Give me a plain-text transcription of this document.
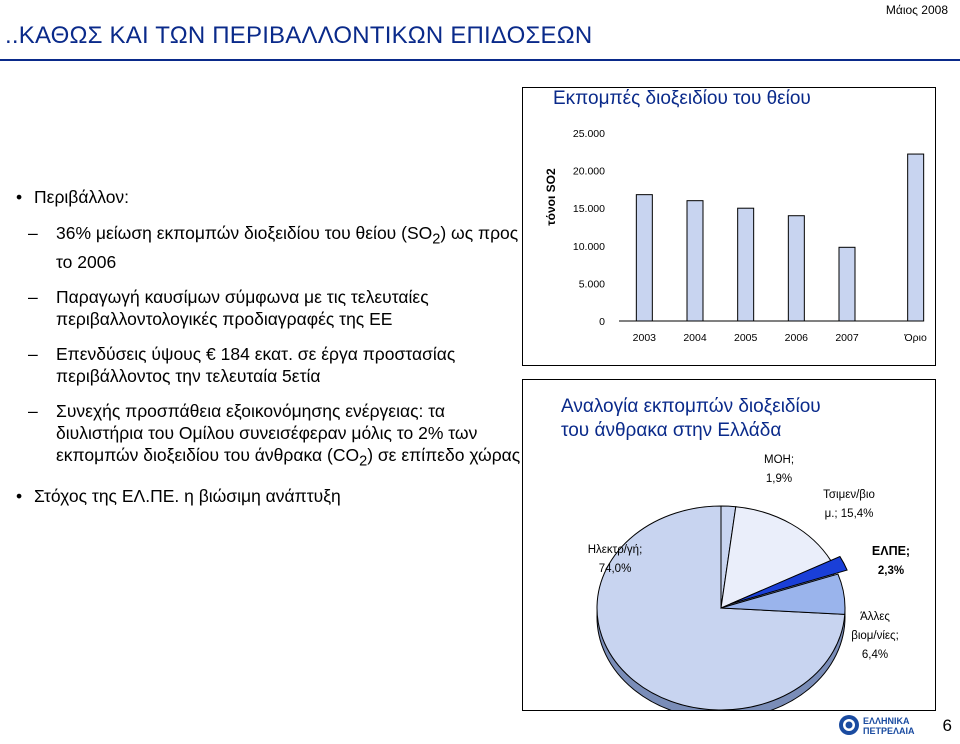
Μάιος 2008
..ΚΑΘΩΣ ΚΑΙ ΤΩΝ ΠΕΡΙΒΑΛΛΟΝΤΙΚΩΝ ΕΠΙΔΟΣΕΩΝ
• Περιβάλλον:
– 36% μείωση εκπομπών διοξειδίου του θείου $(SO_2)$ ως προς το 2006
– Παραγωγή καυσίμων σύμφωνα με τις τελευταίες περιβαλλοντολογικές προδιαγραφές της ΕΕ
– Επενδύσεις ύψους € 184 εκατ. σε έργα προστασίας περιβάλλοντος την τελευταία 5ετία
– Συνεχής προσπάθεια εξοικονόμησης ενέργειας: τα διυλιστήρια του Ομίλου συνεισέφεραν μόλις το 2% των εκπομπών διοξειδίου του άνθρακα $(CO_2)$ σε επίπεδο χώρας
• Στόχος της ΕΛ.ΠΕ. η βιώσιμη ανάπτυξη
Εκπομπές διοξειδίου του θείου
τόνοι SO2
0
5.000
10.000
15.000
20.000
25.000
2003	2004	2005	2006	2007	Όριο
Αναλογία εκπομπών διοξειδίου
του άνθρακα στην Ελλάδα
Ηλεκτρ/γή;
74,0%
ΜΟΗ;
1,9%
Τσιμεν/βιο
μ.; 15,4%
ΕΛΠΕ;
2,3%
Άλλες
βιομ/νίες;
6,4%
ΕΛΛΗΝΙΚΑ
ΠΕΤΡΕΛΑΙΑ 6
